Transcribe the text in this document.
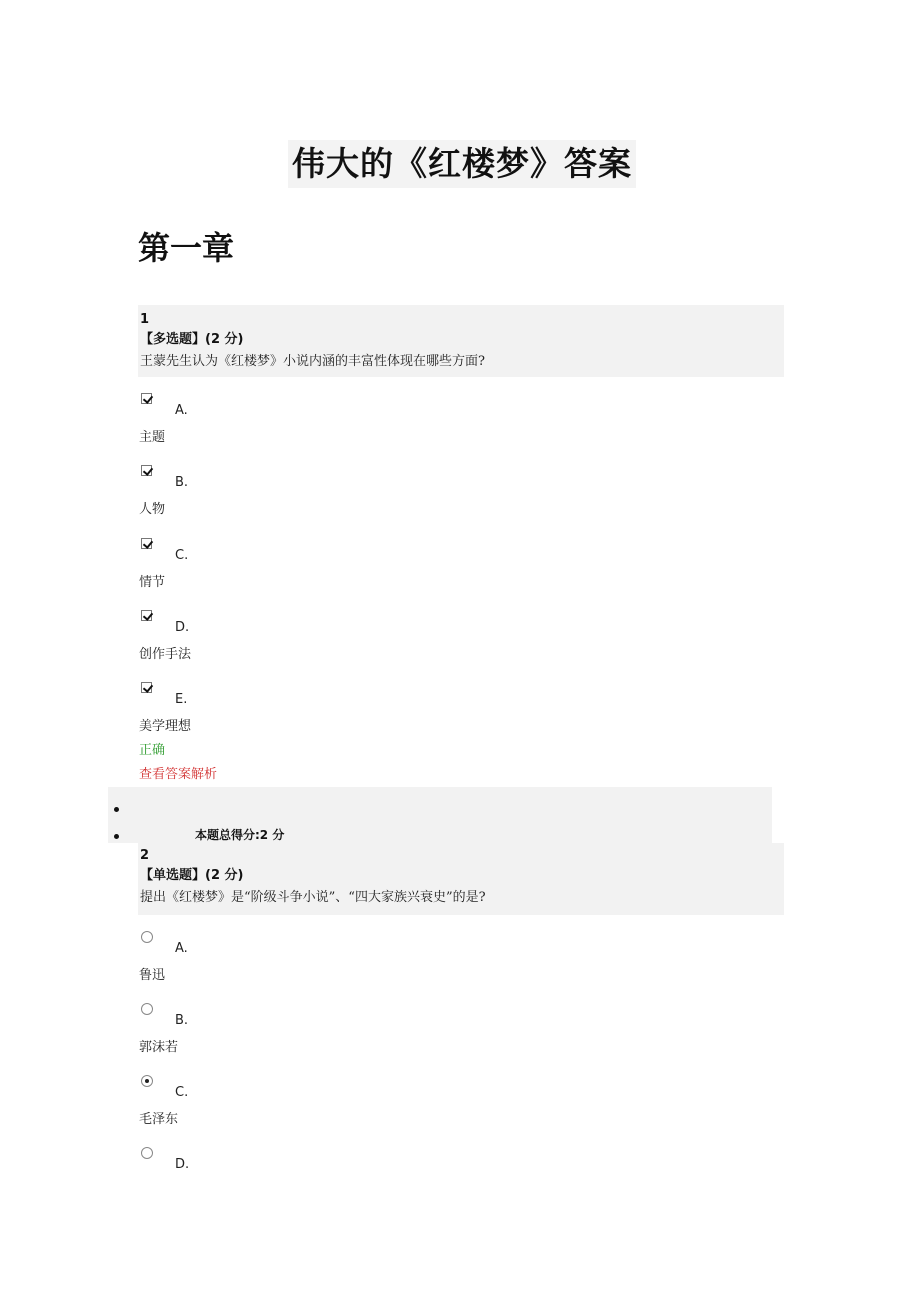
伟大的《红楼梦》答案
第一章
1
【多选题】(2 分)
王蒙先生认为《红楼梦》小说内涵的丰富性体现在哪些方面?
A.
主题
B.
人物
C.
情节
D.
创作手法
E.
美学理想
正确
查看答案解析
本题总得分:2 分
2
【单选题】(2 分)
提出《红楼梦》是“阶级斗争小说”、“四大家族兴衰史”的是?
A.
鲁迅
B.
郭沫若
C.
毛泽东
D.
